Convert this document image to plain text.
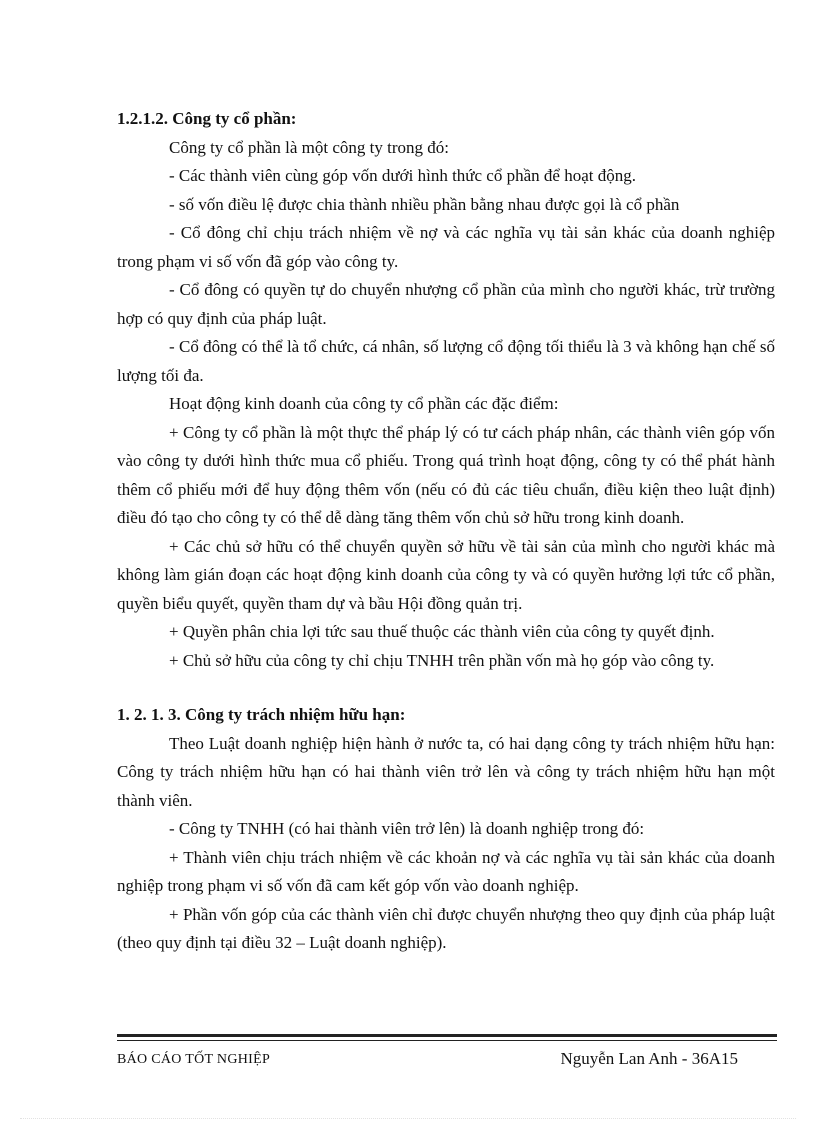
1.2.1.2. Công ty cổ phần:

Công ty cổ phần là một công ty trong đó:

- Các thành viên cùng góp vốn dưới hình thức cổ phần để hoạt động.

- số vốn điều lệ được chia thành nhiều phần bằng nhau được gọi là cổ phần

- Cổ đông chỉ chịu trách nhiệm về nợ và các nghĩa vụ tài sản khác của doanh nghiệp trong phạm vi số vốn đã góp vào công ty.

- Cổ đông có quyền tự do chuyển nhượng cổ phần của mình cho người khác, trừ trường hợp có quy định của pháp luật.

- Cổ đông có thể là tổ chức, cá nhân, số lượng cổ động tối thiểu là 3 và không hạn chế số lượng tối đa.

Hoạt động kinh doanh của công ty cổ phần các đặc điểm:

+ Công ty cổ phần là một thực thể pháp lý có tư cách pháp nhân, các thành viên góp vốn vào công ty dưới hình thức mua cổ phiếu. Trong quá trình hoạt động, công ty có thể phát hành thêm cổ phiếu mới để huy động thêm vốn (nếu có đủ các tiêu chuẩn, điều kiện theo luật định) điều đó tạo cho công ty có thể dễ dàng tăng thêm vốn chủ sở hữu trong kinh doanh.

+ Các chủ sở hữu có thể chuyển quyền sở hữu về tài sản của mình cho người khác mà không làm gián đoạn các hoạt động kinh doanh của công ty và có quyền hưởng lợi tức cổ phần, quyền biểu quyết, quyền tham dự và bầu Hội đồng quản trị.

+ Quyền phân chia lợi tức sau thuế thuộc các thành viên của công ty quyết định.

+ Chủ sở hữu của công ty chỉ chịu TNHH trên phần vốn mà họ góp vào công ty.

1. 2. 1. 3. Công ty trách nhiệm hữu hạn:

Theo Luật doanh nghiệp hiện hành ở nước ta, có hai dạng công ty trách nhiệm hữu hạn: Công ty trách nhiệm hữu hạn có hai thành viên trở lên và công ty trách nhiệm hữu hạn một thành viên.

- Công ty TNHH (có hai thành viên trở lên) là doanh nghiệp trong đó:

+ Thành viên chịu trách nhiệm về các khoản nợ và các nghĩa vụ tài sản khác của doanh nghiệp trong phạm vi số vốn đã cam kết góp vốn vào doanh nghiệp.

+ Phần vốn góp của các thành viên chỉ được chuyển nhượng theo quy định của pháp luật (theo quy định tại điều 32 – Luật doanh nghiệp).

BÁO CÁO TỐT NGHIỆP	Nguyễn Lan Anh - 36A15
